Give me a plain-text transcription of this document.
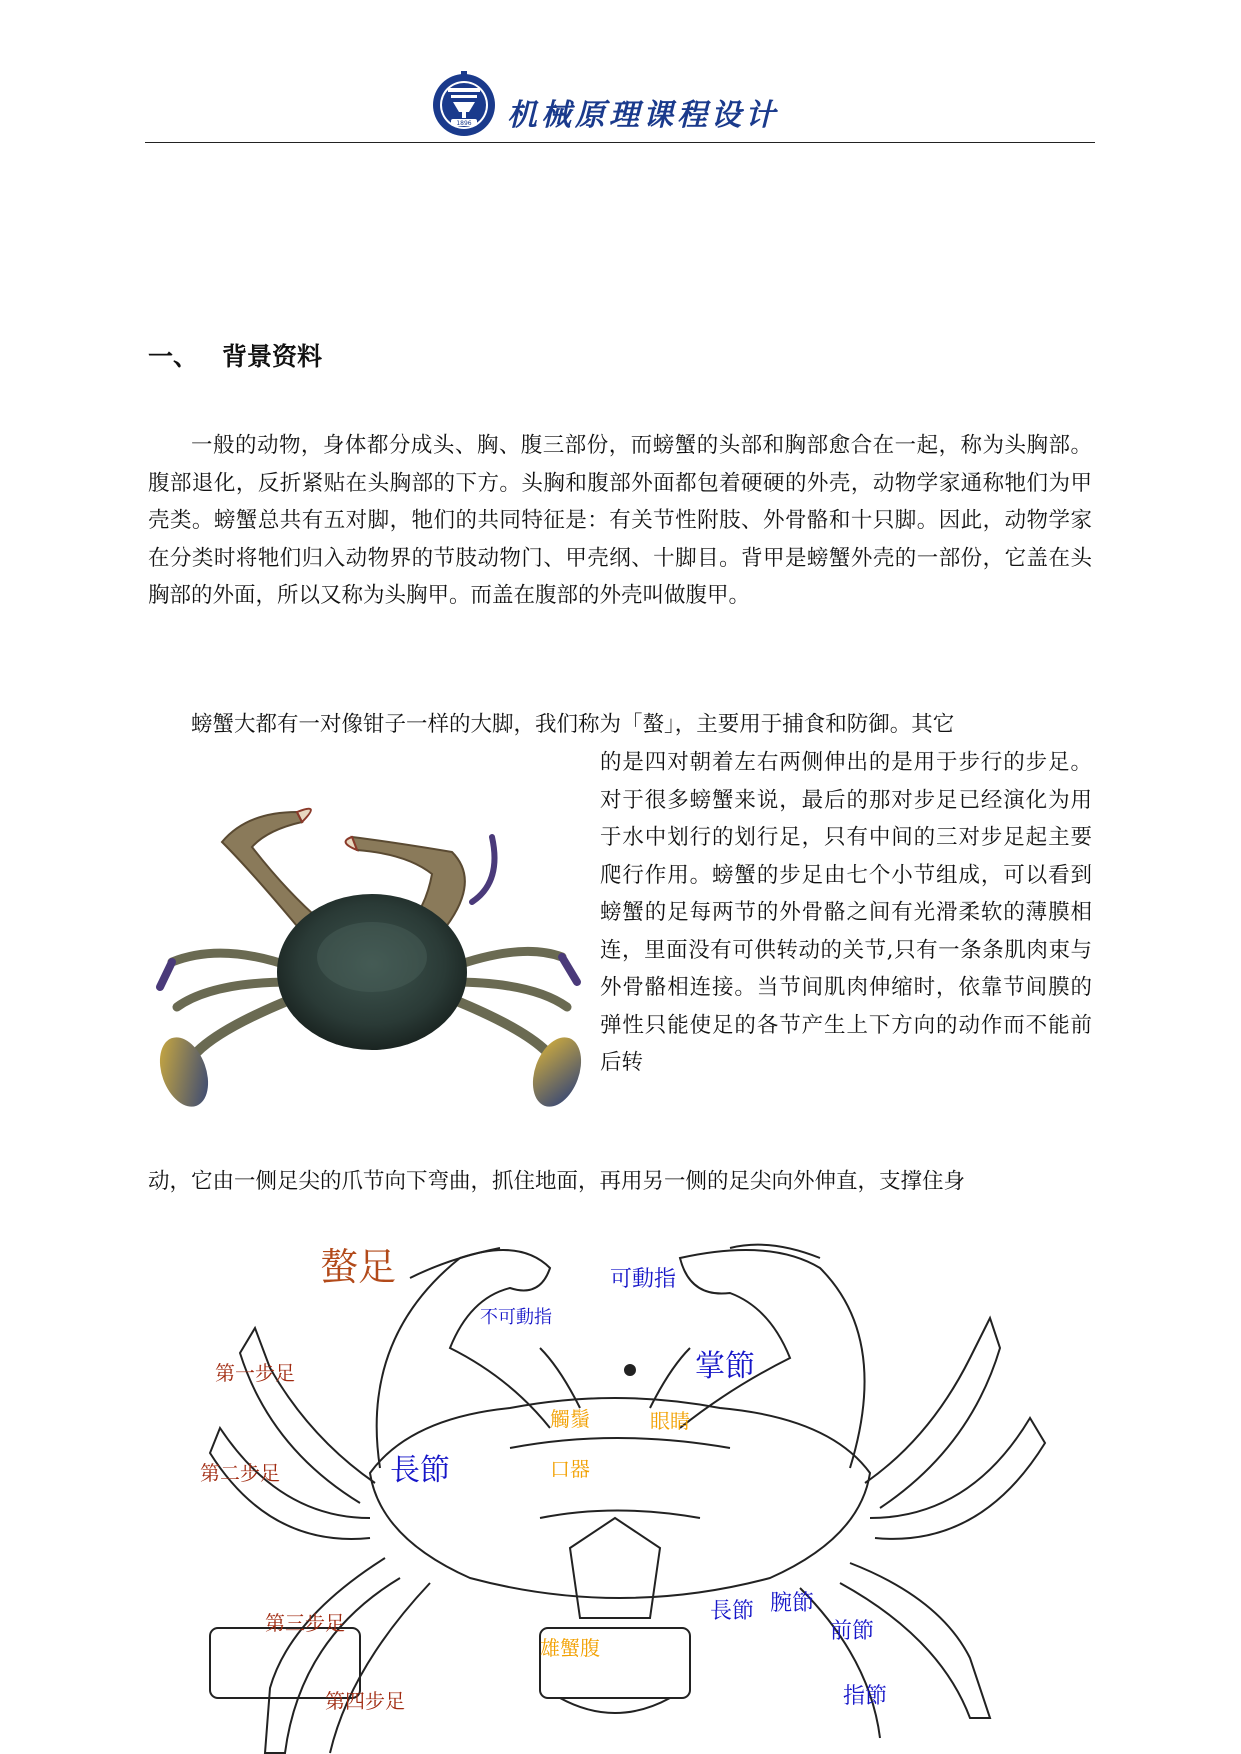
1896 机械原理课程设计
一、 背景资料
一般的动物，身体都分成头、胸、腹三部份，而螃蟹的头部和胸部愈合在一起，称为头胸部。腹部退化，反折紧贴在头胸部的下方。头胸和腹部外面都包着硬硬的外壳，动物学家通称牠们为甲壳类。螃蟹总共有五对脚，牠们的共同特征是：有关节性附肢、外骨骼和十只脚。因此，动物学家在分类时将牠们归入动物界的节肢动物门、甲壳纲、十脚目。背甲是螃蟹外壳的一部份，它盖在头胸部的外面，所以又称为头胸甲。而盖在腹部的外壳叫做腹甲。
螃蟹大都有一对像钳子一样的大脚，我们称为「螯」，主要用于捕食和防御。其它
的是四对朝着左右两侧伸出的是用于步行的步足。对于很多螃蟹来说，最后的那对步足已经演化为用于水中划行的划行足，只有中间的三对步足起主要爬行作用。螃蟹的步足由七个小节组成，可以看到螃蟹的足每两节的外骨骼之间有光滑柔软的薄膜相连，里面没有可供转动的关节,只有一条条肌肉束与外骨骼相连接。当节间肌肉伸缩时，依靠节间膜的弹性只能使足的各节产生上下方向的动作而不能前后转
动，它由一侧足尖的爪节向下弯曲，抓住地面，再用另一侧的足尖向外伸直，支撑住身
螯足	可動指
不可動指
第一步足	掌節
觸鬚	眼睛
口器
長節
第二步足
第三步足
第四步足
長節 腕節
前節
指節
雄蟹腹
